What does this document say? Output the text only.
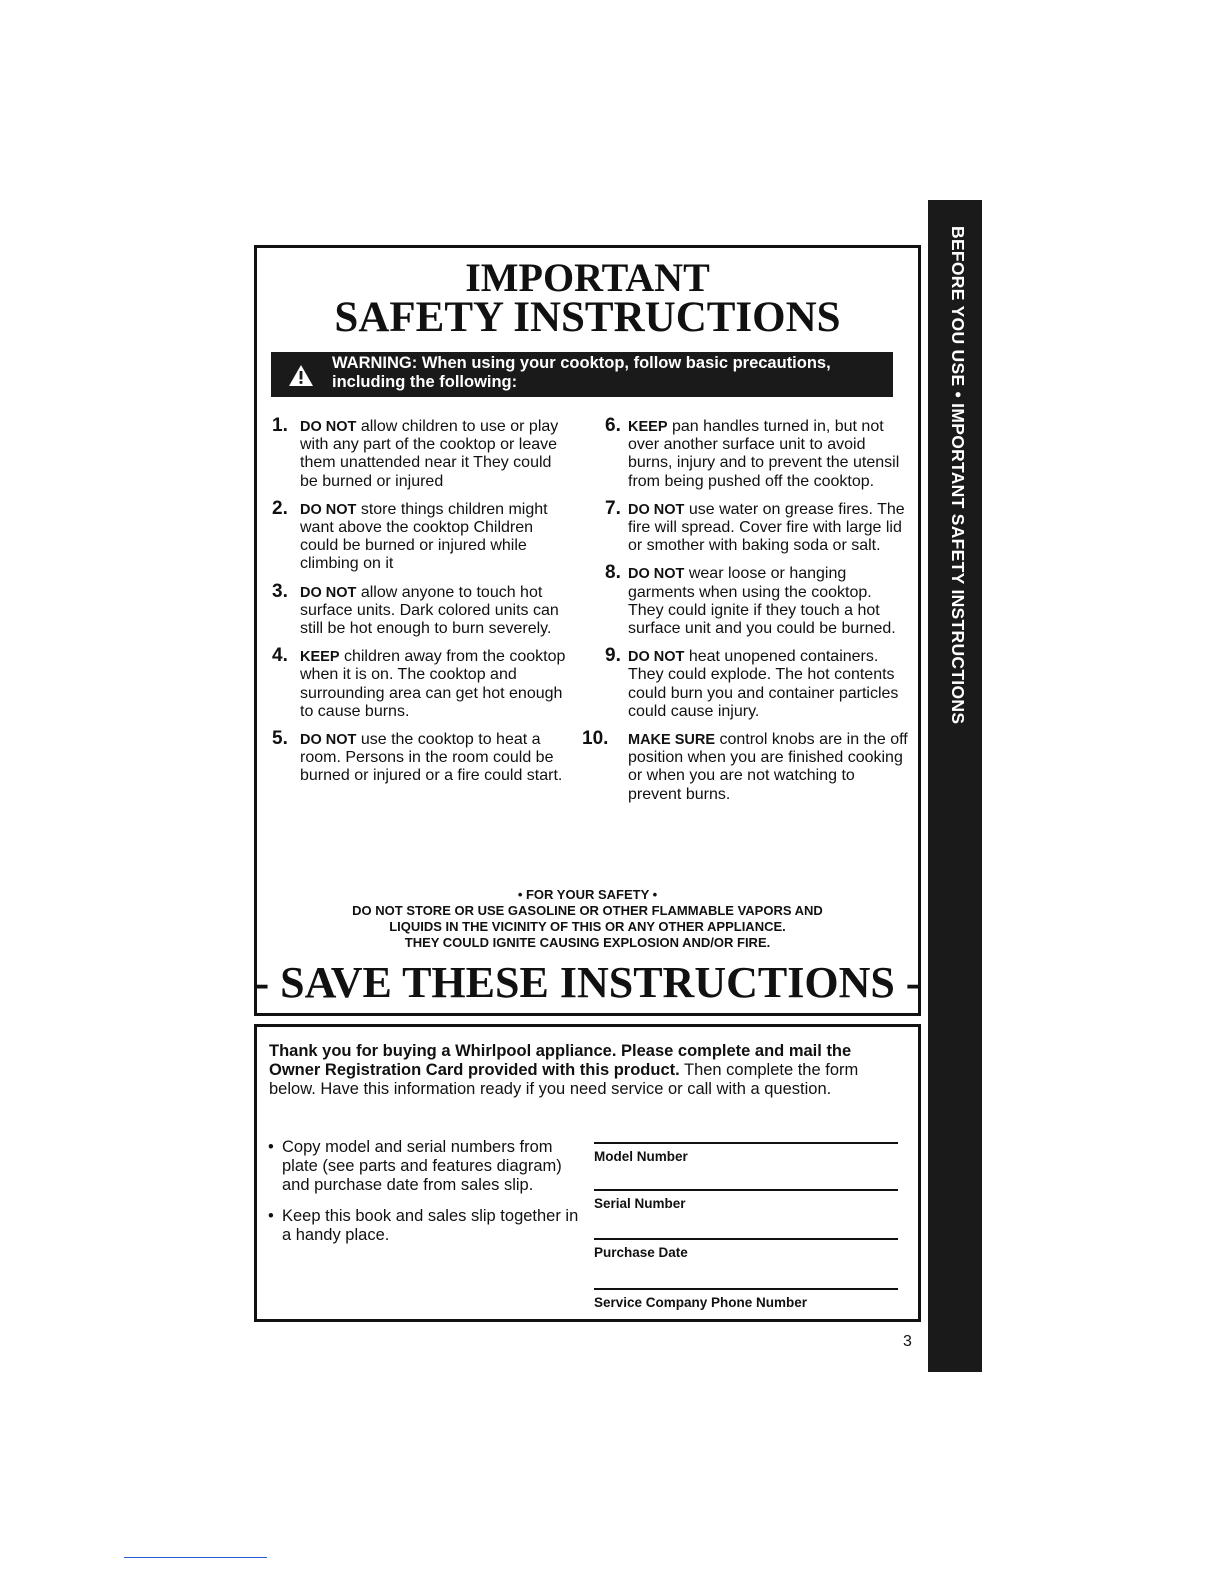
BEFORE YOU USE • IMPORTANT SAFETY INSTRUCTIONS
IMPORTANT
SAFETY INSTRUCTIONS
WARNING: When using your cooktop, follow basic precautions,
including the following:
1. DO NOT allow children to use or play with any part of the cooktop or leave them unattended near it They could be burned or injured
2. DO NOT store things children might want above the cooktop Children could be burned or injured while climbing on it
3. DO NOT allow anyone to touch hot surface units. Dark colored units can still be hot enough to burn severely.
4. KEEP children away from the cooktop when it is on. The cooktop and surrounding area can get hot enough to cause burns.
5. DO NOT use the cooktop to heat a room. Persons in the room could be burned or injured or a fire could start.
6. KEEP pan handles turned in, but not over another surface unit to avoid burns, injury and to prevent the utensil from being pushed off the cooktop.
7. DO NOT use water on grease fires. The fire will spread. Cover fire with large lid or smother with baking soda or salt.
8. DO NOT wear loose or hanging garments when using the cooktop. They could ignite if they touch a hot surface unit and you could be burned.
9. DO NOT heat unopened containers. They could explode. The hot contents could burn you and container particles could cause injury.
10. MAKE SURE control knobs are in the off position when you are finished cooking or when you are not watching to prevent burns.
• FOR YOUR SAFETY •
DO NOT STORE OR USE GASOLINE OR OTHER FLAMMABLE VAPORS AND
LIQUIDS IN THE VICINITY OF THIS OR ANY OTHER APPLIANCE.
THEY COULD IGNITE CAUSING EXPLOSION AND/OR FIRE.
- SAVE THESE INSTRUCTIONS -
Thank you for buying a Whirlpool appliance. Please complete and mail the Owner Registration Card provided with this product. Then complete the form below. Have this information ready if you need service or call with a question.
• Copy model and serial numbers from plate (see parts and features diagram) and purchase date from sales slip.
• Keep this book and sales slip together in a handy place.
Model Number
Serial Number
Purchase Date
Service Company Phone Number
3
